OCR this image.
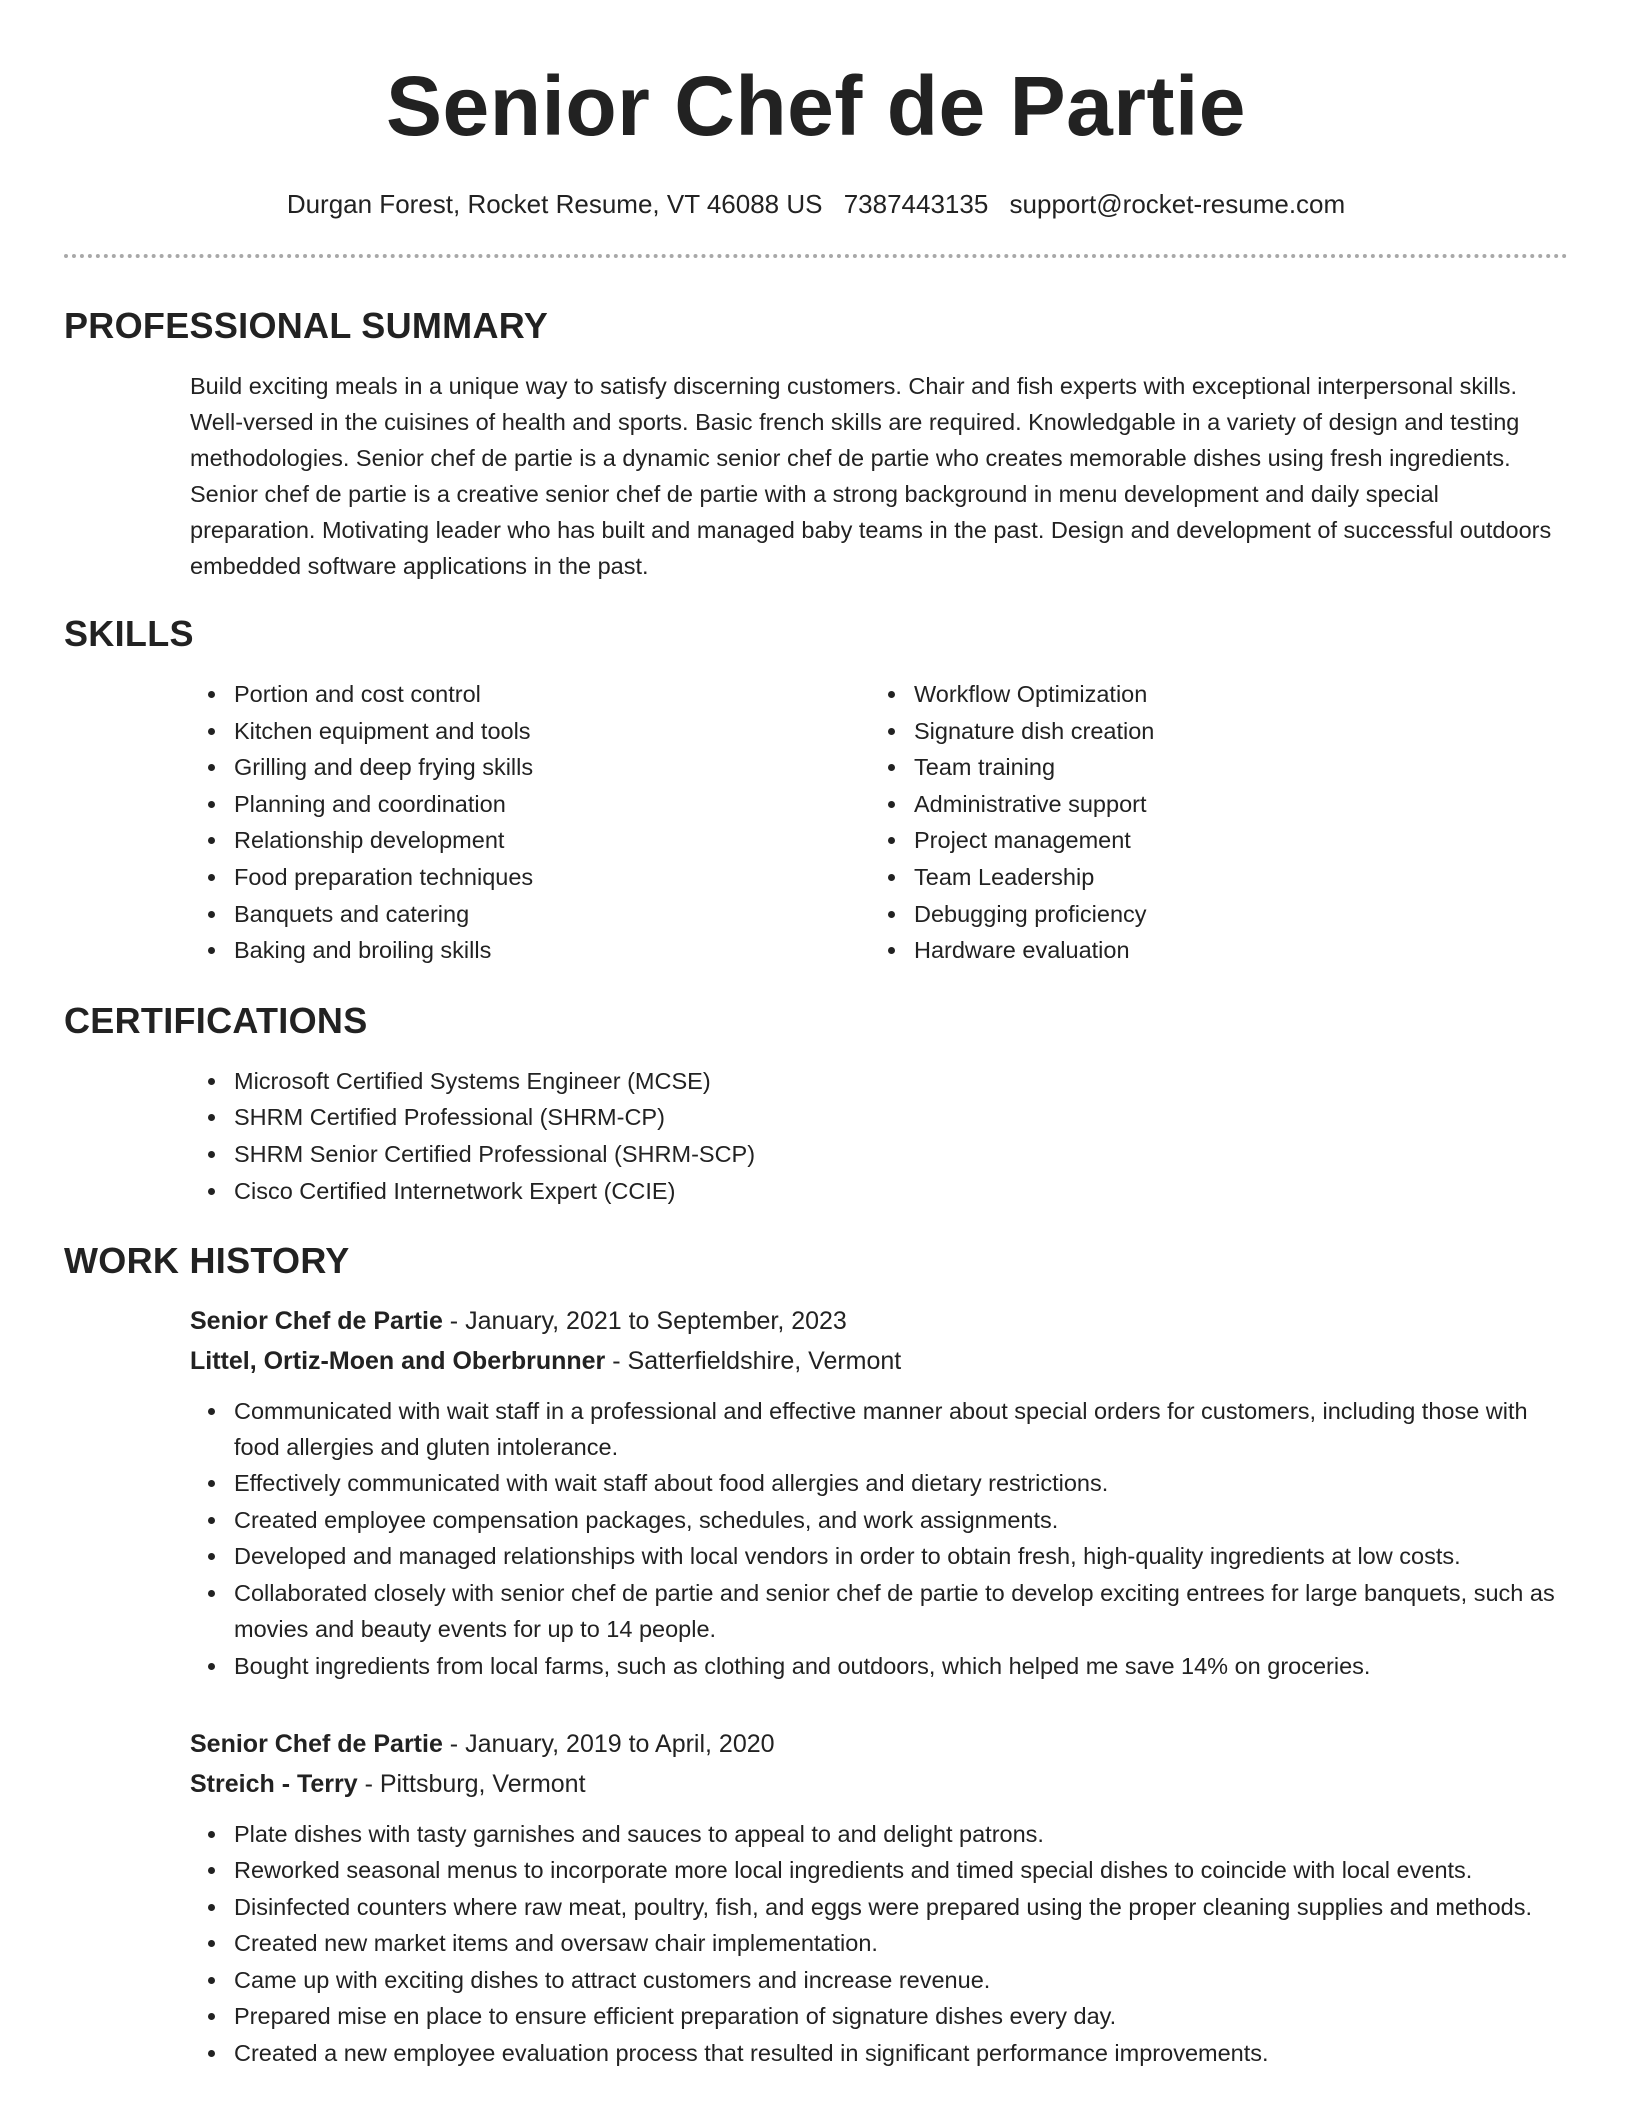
Senior Chef de Partie
Durgan Forest, Rocket Resume, VT 46088 US 7387443135 support@rocket-resume.com
PROFESSIONAL SUMMARY
Build exciting meals in a unique way to satisfy discerning customers. Chair and fish experts with exceptional interpersonal skills. Well-versed in the cuisines of health and sports. Basic french skills are required. Knowledgable in a variety of design and testing methodologies. Senior chef de partie is a dynamic senior chef de partie who creates memorable dishes using fresh ingredients. Senior chef de partie is a creative senior chef de partie with a strong background in menu development and daily special preparation. Motivating leader who has built and managed baby teams in the past. Design and development of successful outdoors embedded software applications in the past.
SKILLS
Portion and cost control
Kitchen equipment and tools
Grilling and deep frying skills
Planning and coordination
Relationship development
Food preparation techniques
Banquets and catering
Baking and broiling skills
Workflow Optimization
Signature dish creation
Team training
Administrative support
Project management
Team Leadership
Debugging proficiency
Hardware evaluation
CERTIFICATIONS
Microsoft Certified Systems Engineer (MCSE)
SHRM Certified Professional (SHRM-CP)
SHRM Senior Certified Professional (SHRM-SCP)
Cisco Certified Internetwork Expert (CCIE)
WORK HISTORY
Senior Chef de Partie - January, 2021 to September, 2023
Littel, Ortiz-Moen and Oberbrunner - Satterfieldshire, Vermont
Communicated with wait staff in a professional and effective manner about special orders for customers, including those with food allergies and gluten intolerance.
Effectively communicated with wait staff about food allergies and dietary restrictions.
Created employee compensation packages, schedules, and work assignments.
Developed and managed relationships with local vendors in order to obtain fresh, high-quality ingredients at low costs.
Collaborated closely with senior chef de partie and senior chef de partie to develop exciting entrees for large banquets, such as movies and beauty events for up to 14 people.
Bought ingredients from local farms, such as clothing and outdoors, which helped me save 14% on groceries.
Senior Chef de Partie - January, 2019 to April, 2020
Streich - Terry - Pittsburg, Vermont
Plate dishes with tasty garnishes and sauces to appeal to and delight patrons.
Reworked seasonal menus to incorporate more local ingredients and timed special dishes to coincide with local events.
Disinfected counters where raw meat, poultry, fish, and eggs were prepared using the proper cleaning supplies and methods.
Created new market items and oversaw chair implementation.
Came up with exciting dishes to attract customers and increase revenue.
Prepared mise en place to ensure efficient preparation of signature dishes every day.
Created a new employee evaluation process that resulted in significant performance improvements.
